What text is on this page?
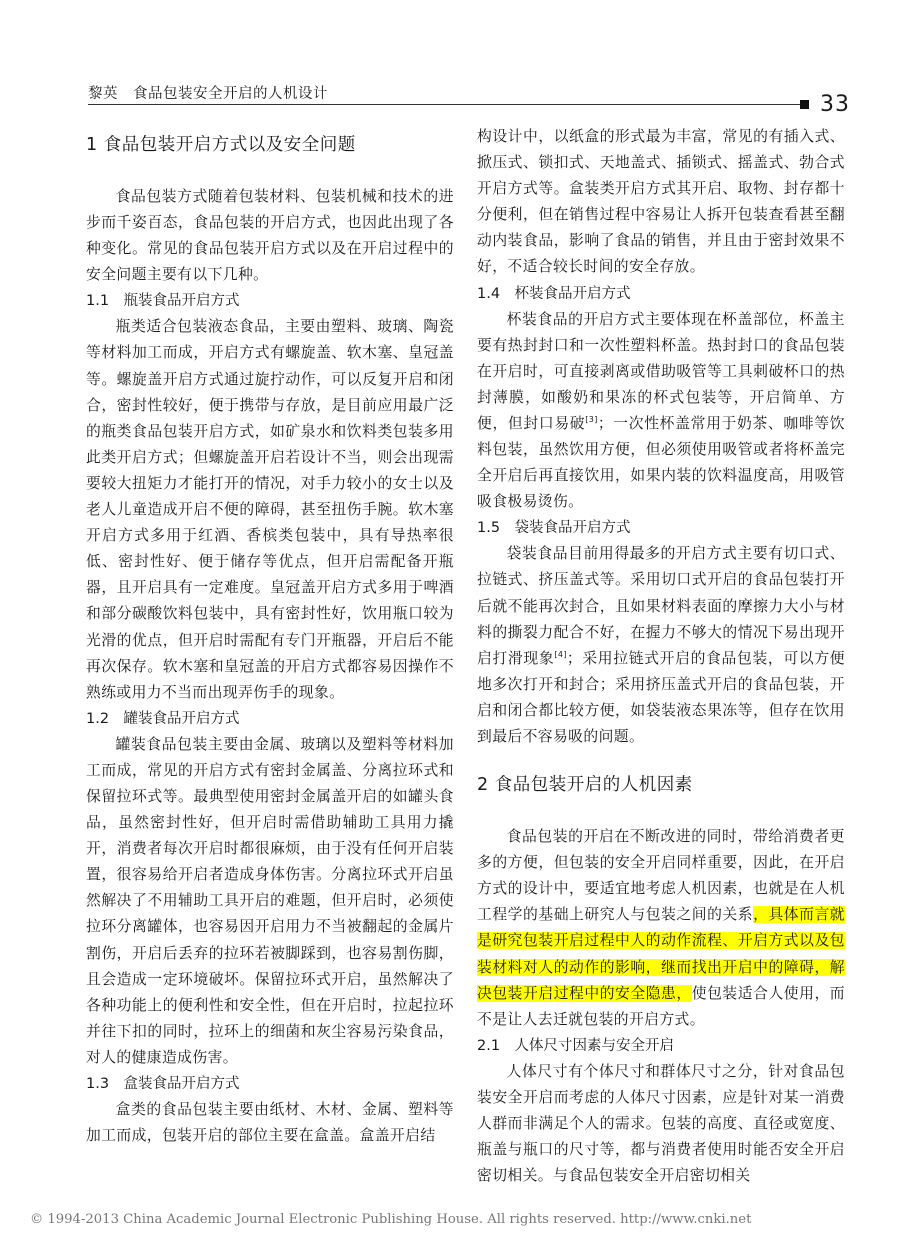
黎英　食品包装安全开启的人机设计	33
1 食品包装开启方式以及安全问题

食品包装方式随着包装材料、包装机械和技术的进步而千姿百态，食品包装的开启方式，也因此出现了各种变化。常见的食品包装开启方式以及在开启过程中的安全问题主要有以下几种。

1.1　瓶装食品开启方式

瓶类适合包装液态食品，主要由塑料、玻璃、陶瓷等材料加工而成，开启方式有螺旋盖、软木塞、皇冠盖等。螺旋盖开启方式通过旋拧动作，可以反复开启和闭合，密封性较好，便于携带与存放，是目前应用最广泛的瓶类食品包装开启方式，如矿泉水和饮料类包装多用此类开启方式；但螺旋盖开启若设计不当，则会出现需要较大扭矩力才能打开的情况，对手力较小的女士以及老人儿童造成开启不便的障碍，甚至扭伤手腕。软木塞开启方式多用于红酒、香槟类包装中，具有导热率很低、密封性好、便于储存等优点，但开启需配备开瓶器，且开启具有一定难度。皇冠盖开启方式多用于啤酒和部分碳酸饮料包装中，具有密封性好，饮用瓶口较为光滑的优点，但开启时需配有专门开瓶器，开启后不能再次保存。软木塞和皇冠盖的开启方式都容易因操作不熟练或用力不当而出现弄伤手的现象。

1.2　罐装食品开启方式

罐装食品包装主要由金属、玻璃以及塑料等材料加工而成，常见的开启方式有密封金属盖、分离拉环式和保留拉环式等。最典型使用密封金属盖开启的如罐头食品，虽然密封性好，但开启时需借助辅助工具用力撬开，消费者每次开启时都很麻烦，由于没有任何开启装置，很容易给开启者造成身体伤害。分离拉环式开启虽然解决了不用辅助工具开启的难题，但开启时，必须使拉环分离罐体，也容易因开启用力不当被翻起的金属片割伤，开启后丢弃的拉环若被脚踩到，也容易割伤脚，且会造成一定环境破坏。保留拉环式开启，虽然解决了各种功能上的便利性和安全性，但在开启时，拉起拉环并往下扣的同时，拉环上的细菌和灰尘容易污染食品，对人的健康造成伤害。

1.3　盒装食品开启方式

盒类的食品包装主要由纸材、木材、金属、塑料等加工而成，包装开启的部位主要在盒盖。盒盖开启结

构设计中，以纸盒的形式最为丰富，常见的有插入式、掀压式、锁扣式、天地盖式、插锁式、摇盖式、勃合式开启方式等。盒装类开启方式其开启、取物、封存都十分便利，但在销售过程中容易让人拆开包装查看甚至翻动内装食品，影响了食品的销售，并且由于密封效果不好，不适合较长时间的安全存放。

1.4　杯装食品开启方式

杯装食品的开启方式主要体现在杯盖部位，杯盖主要有热封封口和一次性塑料杯盖。热封封口的食品包装在开启时，可直接剥离或借助吸管等工具刺破杯口的热封薄膜，如酸奶和果冻的杯式包装等，开启简单、方便，但封口易破[3]；一次性杯盖常用于奶茶、咖啡等饮料包装，虽然饮用方便，但必须使用吸管或者将杯盖完全开启后再直接饮用，如果内装的饮料温度高，用吸管吸食极易烫伤。

1.5　袋装食品开启方式

袋装食品目前用得最多的开启方式主要有切口式、拉链式、挤压盖式等。采用切口式开启的食品包装打开后就不能再次封合，且如果材料表面的摩擦力大小与材料的撕裂力配合不好，在握力不够大的情况下易出现开启打滑现象[4]；采用拉链式开启的食品包装，可以方便地多次打开和封合；采用挤压盖式开启的食品包装，开启和闭合都比较方便，如袋装液态果冻等，但存在饮用到最后不容易吸的问题。

2 食品包装开启的人机因素

食品包装的开启在不断改进的同时，带给消费者更多的方便，但包装的安全开启同样重要，因此，在开启方式的设计中，要适宜地考虑人机因素，也就是在人机工程学的基础上研究人与包装之间的关系，具体而言就是研究包装开启过程中人的动作流程、开启方式以及包装材料对人的动作的影响，继而找出开启中的障碍，解决包装开启过程中的安全隐患，使包装适合人使用，而不是让人去迁就包装的开启方式。

2.1　人体尺寸因素与安全开启

人体尺寸有个体尺寸和群体尺寸之分，针对食品包装安全开启而考虑的人体尺寸因素，应是针对某一消费人群而非满足个人的需求。包装的高度、直径或宽度、瓶盖与瓶口的尺寸等，都与消费者使用时能否安全开启密切相关。与食品包装安全开启密切相关

© 1994-2013 China Academic Journal Electronic Publishing House. All rights reserved. http://www.cnki.net
